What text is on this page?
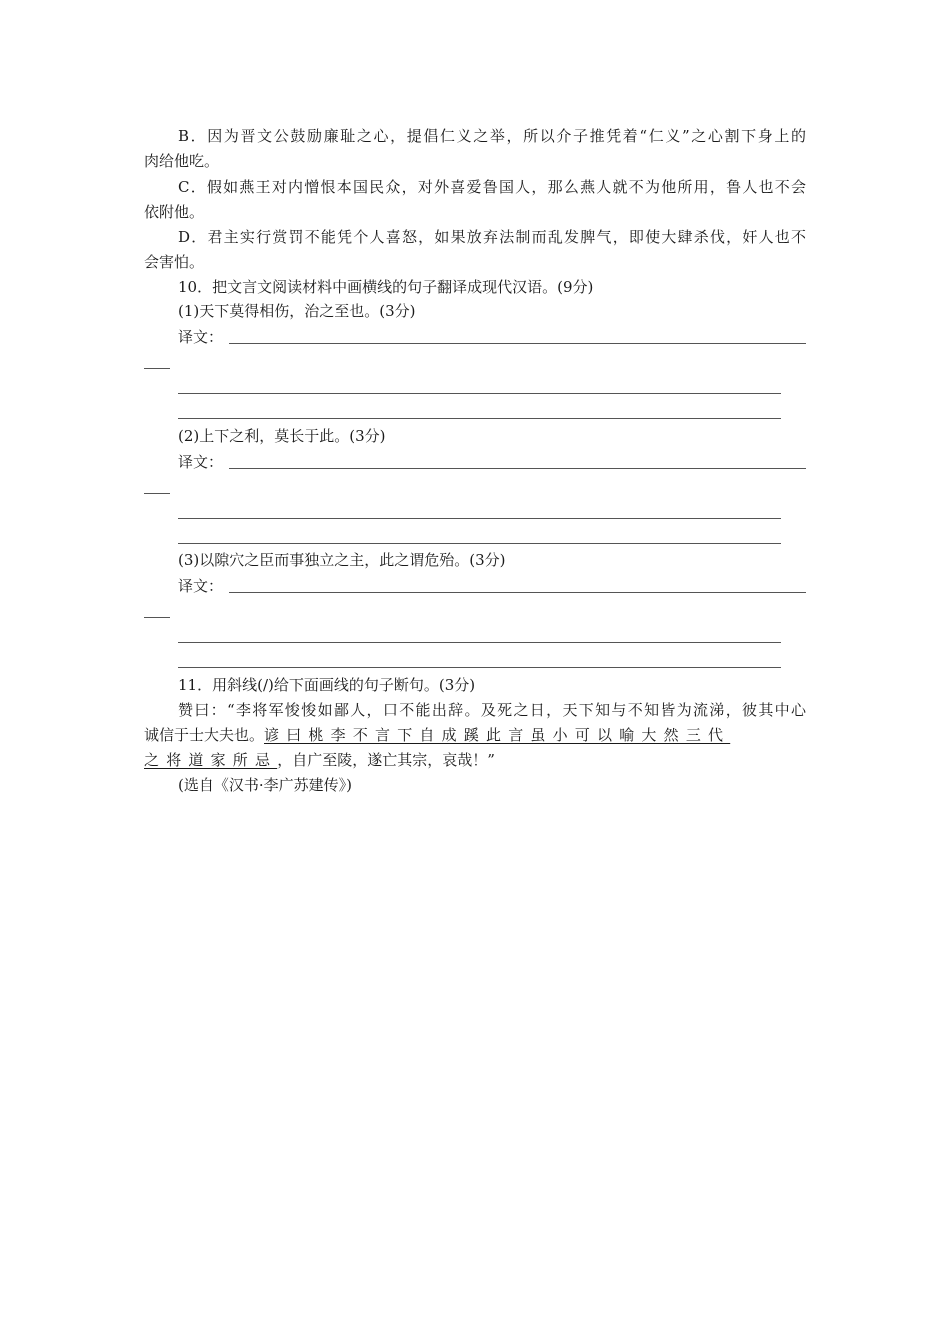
B．因为晋文公鼓励廉耻之心，提倡仁义之举，所以介子推凭着“仁义”之心割下身上的

肉给他吃。

C．假如燕王对内憎恨本国民众，对外喜爱鲁国人，那么燕人就不为他所用，鲁人也不会

依附他。

D．君主实行赏罚不能凭个人喜怒，如果放弃法制而乱发脾气，即使大肆杀伐，奸人也不

会害怕。

10．把文言文阅读材料中画横线的句子翻译成现代汉语。(9分)

(1)天下莫得相伤，治之至也。(3分)

译文：

(2)上下之利，莫长于此。(3分)

译文：

(3)以隙穴之臣而事独立之主，此之谓危殆。(3分)

译文：

11．用斜线(/)给下面画线的句子断句。(3分)

赞曰：“李将军悛悛如鄙人，口不能出辞。及死之日，天下知与不知皆为流涕，彼其中心

诚信于士大夫也。谚曰桃李不言下自成蹊此言虽小可以喻大然三代

之将道家所忌，自广至陵，遂亡其宗，哀哉！”

(选自《汉书·李广苏建传》)
